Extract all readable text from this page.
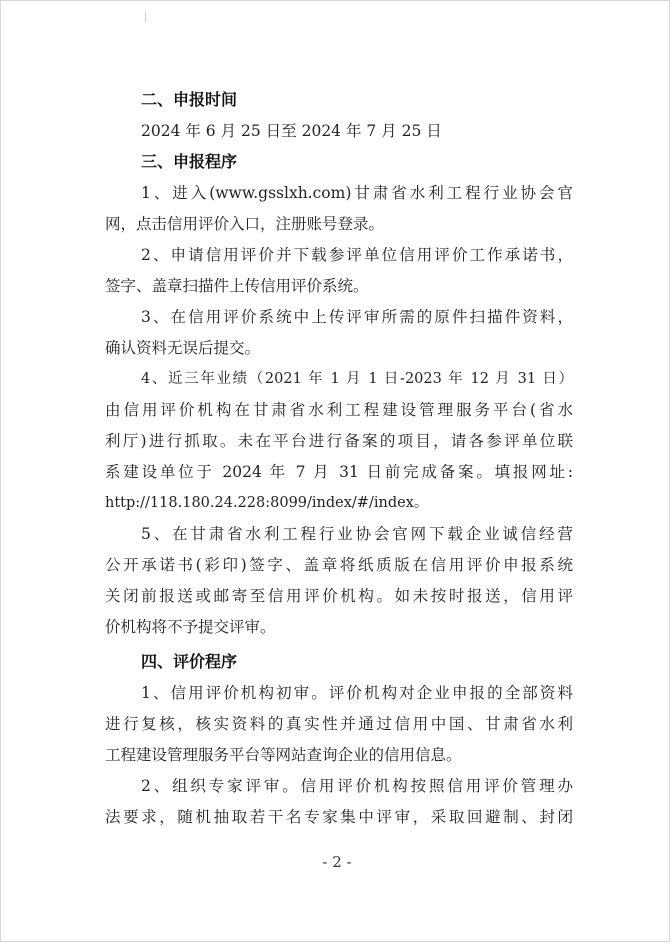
二、申报时间

2024 年 6 月 25 日至 2024 年 7 月 25 日

三、申报程序

1、进入(www.gsslxh.com)甘肃省水利工程行业协会官

网，点击信用评价入口，注册账号登录。

2、申请信用评价并下载参评单位信用评价工作承诺书，

签字、盖章扫描件上传信用评价系统。

3、在信用评价系统中上传评审所需的原件扫描件资料，

确认资料无误后提交。

4、近三年业绩（2021 年 1 月 1 日-2023 年 12 月 31 日）

由信用评价机构在甘肃省水利工程建设管理服务平台(省水

利厅)进行抓取。未在平台进行备案的项目，请各参评单位联

系建设单位于 2024 年 7 月 31 日前完成备案。填报网址:

http://118.180.24.228:8099/index/#/index。

5、在甘肃省水利工程行业协会官网下载企业诚信经营

公开承诺书(彩印)签字、盖章将纸质版在信用评价申报系统

关闭前报送或邮寄至信用评价机构。如未按时报送，信用评

价机构将不予提交评审。

四、评价程序

1、信用评价机构初审。评价机构对企业申报的全部资料

进行复核，核实资料的真实性并通过信用中国、甘肃省水利

工程建设管理服务平台等网站查询企业的信用信息。

2、组织专家评审。信用评价机构按照信用评价管理办

法要求，随机抽取若干名专家集中评审，采取回避制、封闭

- 2 -
